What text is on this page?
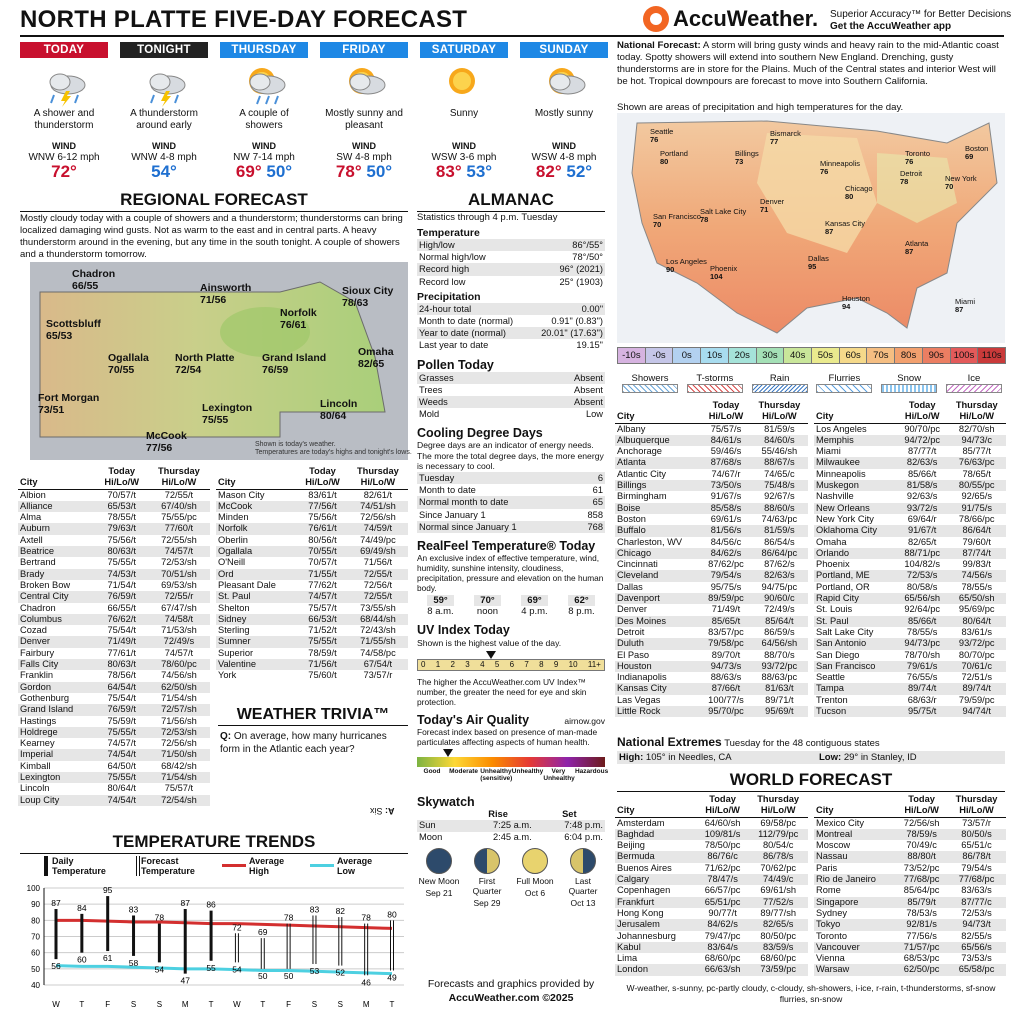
NORTH PLATTE FIVE-DAY FORECAST	AccuWeather. Superior Accuracy™ for Better Decisions
Get the AccuWeather app
TODAY
A shower and thunderstorm
WIND
WNW 6-12 mph
72°
TONIGHT
A thunderstorm around early
WIND
WNW 4-8 mph
54°
THURSDAY
A couple of showers
WIND
NW 7-14 mph
69° 50°
FRIDAY
Mostly sunny and pleasant
WIND
SW 4-8 mph
78° 50°
SATURDAY
Sunny
WIND
WSW 3-6 mph
83° 53°
SUNDAY
Mostly sunny
WIND
WSW 4-8 mph
82° 52°
REGIONAL FORECAST
Mostly cloudy today with a couple of showers and a thunderstorm; thunderstorms can bring localized damaging wind gusts. Not as warm to the east and in central parts. A heavy thunderstorm around in the evening, but any time in the south tonight. A couple of showers and a thunderstorm tomorrow.
Chadron
66/55	Ainsworth
71/56
Sioux City
78/63
Scottsbluff
65/53
Norfolk
76/61
Ogallala
70/55
North Platte
72/54
Grand Island
76/59
Omaha
82/65
Fort Morgan
73/51	Lexington
75/55
Lincoln
80/64
McCook
77/56	Shown is today's weather.
Temperatures are today's highs and tonight's lows.
	Today	Thursday
City	Hi/Lo/W	Hi/Lo/W
Albion	70/57/t	72/55/t
Alliance	65/53/t	67/40/sh
Alma	78/55/t	75/55/pc
Auburn	79/63/t	77/60/t
Axtell	75/56/t	72/55/sh
Beatrice	80/63/t	74/57/t
Bertrand	75/55/t	72/53/sh
Brady	74/53/t	70/51/sh
Broken Bow	71/54/t	69/53/sh
Central City	76/59/t	72/55/r
Chadron	66/55/t	67/47/sh
Columbus	76/62/t	74/58/t
Cozad	75/54/t	71/53/sh
Denver	71/49/t	72/49/s
Fairbury	77/61/t	74/57/t
Falls City	80/63/t	78/60/pc
Franklin	78/56/t	74/56/sh
Gordon	64/54/t	62/50/sh
Gothenburg	75/54/t	71/54/sh
Grand Island	76/59/t	72/57/sh
Hastings	75/59/t	71/56/sh
Holdrege	75/55/t	72/53/sh
Kearney	74/57/t	72/56/sh
Imperial	74/54/t	71/50/sh
Kimball	64/50/t	68/42/sh
Lexington	75/55/t	71/54/sh
Lincoln	80/64/t	75/57/t
Loup City	74/54/t	72/54/sh
	Today	Thursday
City	Hi/Lo/W	Hi/Lo/W
Mason City	83/61/t	82/61/t
McCook	77/56/t	74/51/sh
Minden	75/56/t	72/56/sh
Norfolk	76/61/t	74/59/t
Oberlin	80/56/t	74/49/pc
Ogallala	70/55/t	69/49/sh
O'Neill	70/57/t	71/56/t
Ord	71/55/t	72/55/t
Pleasant Dale	77/62/t	72/56/t
St. Paul	74/57/t	72/55/t
Shelton	75/57/t	73/55/sh
Sidney	66/53/t	68/44/sh
Sterling	71/52/t	72/43/sh
Sumner	75/55/t	71/55/sh
Superior	78/59/t	74/58/pc
Valentine	71/56/t	67/54/t
York	75/60/t	73/57/r
WEATHER TRIVIA™
Q: On average, how many hurricanes form in the Atlantic each year?
A: Six
TEMPERATURE TRENDS
Daily Temperature
Forecast Temperature
Average High
Average Low
40
50
60
70
80
90
100
87
56
84
60
95
61
83
58
78
54
87
47
86
55
72
54
69
50
78
50
83
53
82
52
78
46
80
49
W T	F	S	S M	T W T	F	S	S M	T
ALMANAC
Statistics through 4 p.m. Tuesday
Temperature
High/low	86°/55°
Normal high/low	78°/50°
Record high	96° (2021)
Record low	25° (1903)
Precipitation
24-hour total	0.00"
Month to date (normal)	0.91" (0.83")
Year to date (normal)	20.01" (17.63")
Last year to date	19.15"
Pollen Today
Grasses	Absent
Trees	Absent
Weeds	Absent
Mold	Low
Cooling Degree Days
Degree days are an indicator of energy needs. The more the total degree days, the more energy is necessary to cool.
Tuesday	6
Month to date	61
Normal month to date	65
Since January 1	858
Normal since January 1	768
RealFeel Temperature® Today
An exclusive index of effective temperature, wind, humidity, sunshine intensity, cloudiness, precipitation, pressure and elevation on the human body.
59°
8 a.m.
70°
noon
69°
4 p.m.
62°
8 p.m.
UV Index Today
Shown is the highest value of the day.
0 1 2 3 4 5 6 7 8 9 10 11+
The higher the AccuWeather.com UV Index™ number, the greater the need for eye and skin protection.
Today's Air Quality	airnow.gov
Forecast index based on presence of man-made particulates affecting aspects of human health.
Good	Moderate Unhealthy (sensitive)
Unhealthy	Very Unhealthy
Hazardous
Skywatch
	Rise	Set
Sun	7:25 a.m.	7:48 p.m.
Moon	2:45 a.m.	6:04 p.m.
New Moon
Sep 21
First Quarter
Sep 29
Full Moon
Oct 6
Last Quarter
Oct 13
National Forecast: A storm will bring gusty winds and heavy rain to the mid-Atlantic coast today. Spotty showers will extend into southern New England. Drenching, gusty thunderstorms are in store for the Plains. Much of the Central states and interior West will be hot. Tropical downpours are forecast to move into Southern California.
Shown are areas of precipitation and high temperatures for the day.
Seattle
76
Billings
73
Bismarck
77
Minneapolis
76
Chicago
80
Detroit
78	New York
70
Boston
69
Denver
71
Salt Lake City
78
San Francisco
70
Los Angeles
90	Phoenix
104
Dallas
95
Atlanta
87
Miami
87
Houston
94
Kansas City
87
Portland
80
Toronto
76
-10s	-0s	0s	10s	20s	30s	40s	50s	60s	70s	80s	90s	100s 110s
Showers	T-storms	Rain	Flurries	Snow	Ice
	Today	Thursday
City	Hi/Lo/W	Hi/Lo/W
Albany	75/57/s	81/59/s
Albuquerque	84/61/s	84/60/s
Anchorage	59/46/s	55/46/sh
Atlanta	87/68/s	88/67/s
Atlantic City	74/67/r	74/65/c
Billings	73/50/s	75/48/s
Birmingham	91/67/s	92/67/s
Boise	85/58/s	88/60/s
Boston	69/61/s	74/63/pc
Buffalo	81/56/s	81/59/s
Charleston, WV	84/56/c	86/54/s
Chicago	84/62/s	86/64/pc
Cincinnati	87/62/pc	87/62/s
Cleveland	79/54/s	82/63/s
Dallas	95/75/s	94/75/pc
Davenport	89/59/pc	90/60/c
Denver	71/49/t	72/49/s
Des Moines	85/65/t	85/64/t
Detroit	83/57/pc	86/59/s
Duluth	79/58/pc	64/56/sh
El Paso	89/70/t	88/70/s
Houston	94/73/s	93/72/pc
Indianapolis	88/63/s	88/63/pc
Kansas City	87/66/t	81/63/t
Las Vegas	100/77/s	89/71/t
Little Rock	95/70/pc	95/69/t
	Today	Thursday
City	Hi/Lo/W	Hi/Lo/W
Los Angeles	90/70/pc	82/70/sh
Memphis	94/72/pc	94/73/c
Miami	87/77/t	85/77/t
Milwaukee	82/63/s	76/63/pc
Minneapolis	85/66/t	78/65/t
Muskegon	81/58/s	80/55/pc
Nashville	92/63/s	92/65/s
New Orleans	93/72/s	91/75/s
New York City	69/64/r	78/66/pc
Oklahoma City	91/67/t	86/64/t
Omaha	82/65/t	79/60/t
Orlando	88/71/pc	87/74/t
Phoenix	104/82/s	99/83/t
Portland, ME	72/53/s	74/56/s
Portland, OR	80/58/s	78/55/s
Rapid City	65/56/sh	65/50/sh
St. Louis	92/64/pc	95/69/pc
St. Paul	85/66/t	80/64/t
Salt Lake City	78/55/s	83/61/s
San Antonio	94/73/pc	93/72/pc
San Diego	78/70/sh	80/70/pc
San Francisco	79/61/s	70/61/c
Seattle	76/55/s	72/51/s
Tampa	89/74/t	89/74/t
Trenton	68/63/r	79/59/pc
Tucson	95/75/t	94/74/t
National Extremes Tuesday for the 48 contiguous states
High: 105° in Needles, CA	Low: 29° in Stanley, ID
WORLD FORECAST
	Today	Thursday
City	Hi/Lo/W	Hi/Lo/W
Amsterdam	64/60/sh	69/58/pc
Baghdad	109/81/s	112/79/pc
Beijing	78/50/pc	80/54/c
Bermuda	86/76/c	86/78/s
Buenos Aires	71/62/pc	70/62/pc
Calgary	78/47/s	74/49/c
Copenhagen	66/57/pc	69/61/sh
Frankfurt	65/51/pc	77/52/s
Hong Kong	90/77/t	89/77/sh
Jerusalem	84/62/s	82/65/s
Johannesburg	79/47/pc	80/50/pc
Kabul	83/64/s	83/59/s
Lima	68/60/pc	68/60/pc
London	66/63/sh	73/59/pc
	Today	Thursday
City	Hi/Lo/W	Hi/Lo/W
Mexico City	72/56/sh	73/57/r
Montreal	78/59/s	80/50/s
Moscow	70/49/c	65/51/c
Nassau	88/80/t	86/78/t
Paris	73/52/pc	79/54/s
Rio de Janeiro	77/68/pc	77/68/pc
Rome	85/64/pc	83/63/s
Singapore	85/79/t	87/77/c
Sydney	78/53/s	72/53/s
Tokyo	92/81/s	94/73/t
Toronto	77/56/s	82/55/s
Vancouver	71/57/pc	65/56/s
Vienna	68/53/pc	73/53/s
Warsaw	62/50/pc	65/58/pc
W-weather, s-sunny, pc-partly cloudy, c-cloudy, sh-showers, i-ice, r-rain, t-thunderstorms, sf-snow flurries, sn-snow
Forecasts and graphics provided by
AccuWeather.com ©2025
